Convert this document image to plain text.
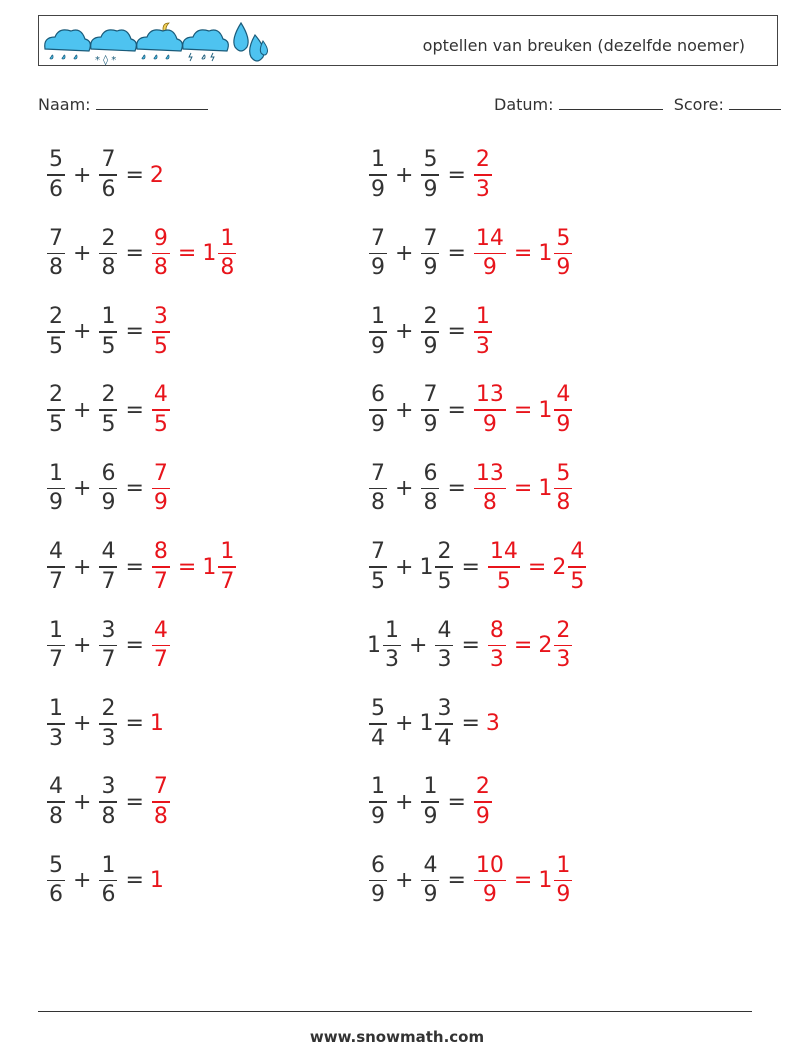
* ◊ *
optellen van breuken (dezelfde noemer)
Naam:	Datum:	Score:
$\frac{5}{6} + \frac{7}{6} = 2$	$\frac{1}{9} + \frac{5}{9} = \frac{2}{3}$
$\frac{7}{8} + \frac{2}{8} = \frac{9}{8} = 1 \frac{1}{8}$	$\frac{7}{9} + \frac{7}{9} = \frac{14}{9} = 1 \frac{5}{9}$
$\frac{2}{5} + \frac{1}{5} = \frac{3}{5}$	$\frac{1}{9} + \frac{2}{9} = \frac{1}{3}$
$\frac{2}{5} + \frac{2}{5} = \frac{4}{5}$	$\frac{6}{9} + \frac{7}{9} = \frac{13}{9} = 1 \frac{4}{9}$
$\frac{1}{9} + \frac{6}{9} = \frac{7}{9}$	$\frac{7}{8} + \frac{6}{8} = \frac{13}{8} = 1 \frac{5}{8}$
$\frac{4}{7} + \frac{4}{7} = \frac{8}{7} = 1 \frac{1}{7}$	$\frac{7}{5} + 1 \frac{2}{5} = \frac{14}{5} = 2 \frac{4}{5}$
$\frac{1}{7} + \frac{3}{7} = \frac{4}{7}$	$1 \frac{1}{3} + \frac{4}{3} = \frac{8}{3} = 2 \frac{2}{3}$
$\frac{1}{3} + \frac{2}{3} = 1$	$\frac{5}{4} + 1 \frac{3}{4} = 3$
$\frac{4}{8} + \frac{3}{8} = \frac{7}{8}$	$\frac{1}{9} + \frac{1}{9} = \frac{2}{9}$
$\frac{5}{6} + \frac{1}{6} = 1$	$\frac{6}{9} + \frac{4}{9} = \frac{10}{9} = 1 \frac{1}{9}$
www.snowmath.com
